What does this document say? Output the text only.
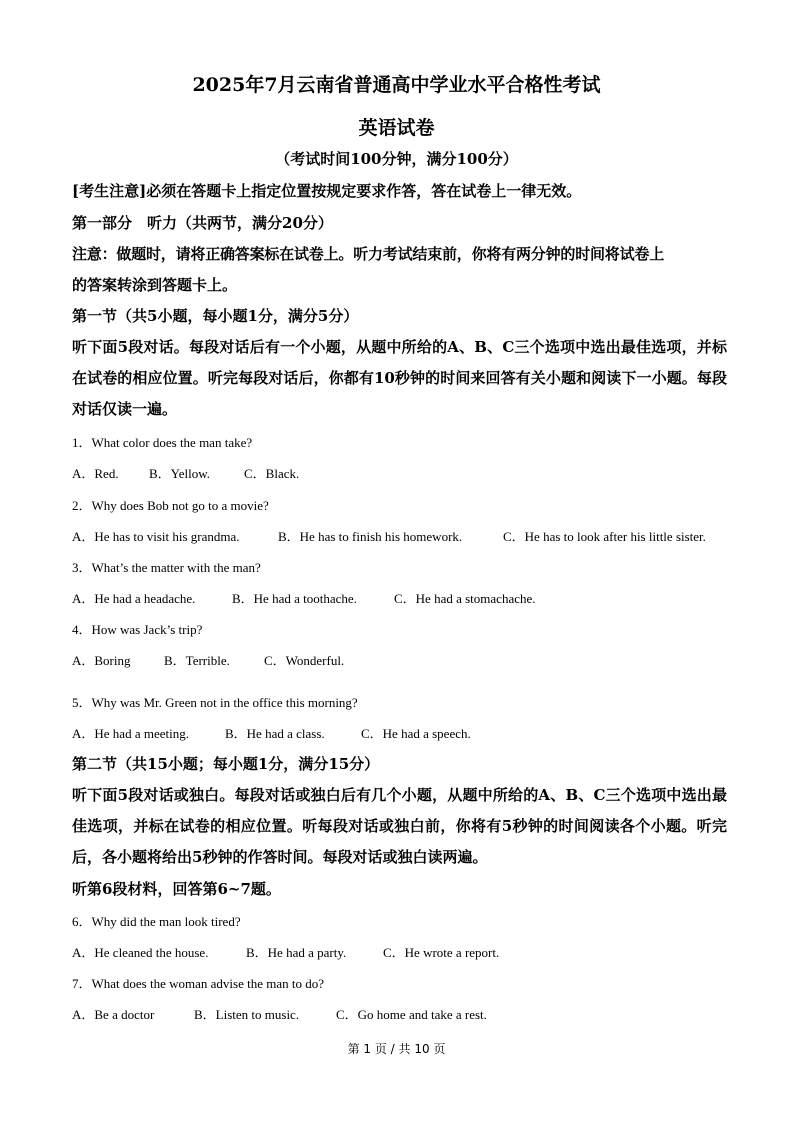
2025年7月云南省普通高中学业水平合格性考试
英语试卷
（考试时间100分钟，满分100分）
[考生注意]必须在答题卡上指定位置按规定要求作答，答在试卷上一律无效。
第一部分　听力（共两节，满分20分）
注意：做题时，请将正确答案标在试卷上。听力考试结束前，你将有两分钟的时间将试卷上
的答案转涂到答题卡上。
第一节（共5小题，每小题1分，满分5分）
听下面5段对话。每段对话后有一个小题，从题中所给的A、B、C三个选项中选出最佳选项，并标在试卷的相应位置。听完每段对话后，你都有10秒钟的时间来回答有关小题和阅读下一小题。每段对话仅读一遍。
1．What color does the man take?
A．Red. B．Yellow.	C．Black.
2．Why does Bob not go to a movie?
A．He has to visit his grandma.	B．He has to finish his homework.	C．He has to look after his little sister.
3．What’s the matter with the man?
A．He had a headache.	B．He had a toothache.	C．He had a stomachache.
4．How was Jack’s trip?
A．Boring	B．Terrible.	C．Wonderful.
5．Why was Mr. Green not in the office this morning?
A．He had a meeting.	B．He had a class.	C．He had a speech.
第二节（共15小题；每小题1分，满分15分）
听下面5段对话或独白。每段对话或独白后有几个小题，从题中所给的A、B、C三个选项中选出最佳选项，并标在试卷的相应位置。听每段对话或独白前，你将有5秒钟的时间阅读各个小题。听完后，各小题将给出5秒钟的作答时间。每段对话或独白读两遍。
听第6段材料，回答第6~7题。
6．Why did the man look tired?
A．He cleaned the house.	B．He had a party.	C．He wrote a report.
7．What does the woman advise the man to do?
A．Be a doctor	B．Listen to music.	C．Go home and take a rest.
第 1 页 / 共 10 页
